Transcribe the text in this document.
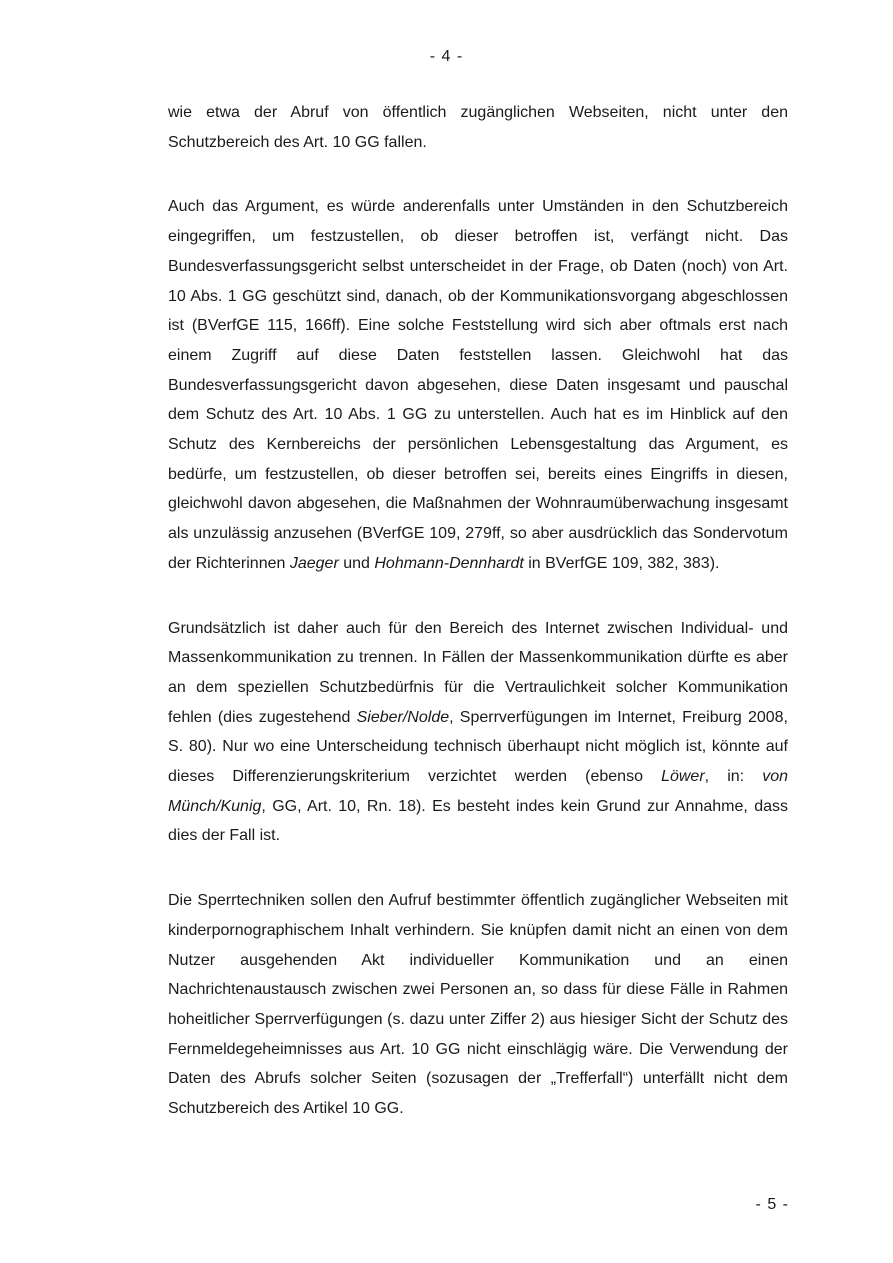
- 4 -

wie etwa der Abruf von öffentlich zugänglichen Webseiten, nicht unter den Schutzbereich des Art. 10 GG fallen.

Auch das Argument, es würde anderenfalls unter Umständen in den Schutzbereich eingegriffen, um festzustellen, ob dieser betroffen ist, verfängt nicht. Das Bundesverfassungsgericht selbst unterscheidet in der Frage, ob Daten (noch) von Art. 10 Abs. 1 GG geschützt sind, danach, ob der Kommunikationsvorgang abgeschlossen ist (BVerfGE 115, 166ff). Eine solche Feststellung wird sich aber oftmals erst nach einem Zugriff auf diese Daten feststellen lassen. Gleichwohl hat das Bundesverfassungsgericht davon abgesehen, diese Daten insgesamt und pauschal dem Schutz des Art. 10 Abs. 1 GG zu unterstellen. Auch hat es im Hinblick auf den Schutz des Kernbereichs der persönlichen Lebensgestaltung das Argument, es bedürfe, um festzustellen, ob dieser betroffen sei, bereits eines Eingriffs in diesen, gleichwohl davon abgesehen, die Maßnahmen der Wohnraumüberwachung insgesamt als unzulässig anzusehen (BVerfGE 109, 279ff, so aber ausdrücklich das Sondervotum der Richterinnen Jaeger und Hohmann-Dennhardt in BVerfGE 109, 382, 383).

Grundsätzlich ist daher auch für den Bereich des Internet zwischen Individual- und Massenkommunikation zu trennen. In Fällen der Massenkommunikation dürfte es aber an dem speziellen Schutzbedürfnis für die Vertraulichkeit solcher Kommunikation fehlen (dies zugestehend Sieber/Nolde, Sperrverfügungen im Internet, Freiburg 2008, S. 80). Nur wo eine Unterscheidung technisch überhaupt nicht möglich ist, könnte auf dieses Differenzierungskriterium verzichtet werden (ebenso Löwer, in: von Münch/Kunig, GG, Art. 10, Rn. 18). Es besteht indes kein Grund zur Annahme, dass dies der Fall ist.

Die Sperrtechniken sollen den Aufruf bestimmter öffentlich zugänglicher Webseiten mit kinderpornographischem Inhalt verhindern. Sie knüpfen damit nicht an einen von dem Nutzer ausgehenden Akt individueller Kommunikation und an einen Nachrichtenaustausch zwischen zwei Personen an, so dass für diese Fälle in Rahmen hoheitlicher Sperrverfügungen (s. dazu unter Ziffer 2) aus hiesiger Sicht der Schutz des Fernmeldegeheimnisses aus Art. 10 GG nicht einschlägig wäre. Die Verwendung der Daten des Abrufs solcher Seiten (sozusagen der „Trefferfall“) unterfällt nicht dem Schutzbereich des Artikel 10 GG.

- 5 -
